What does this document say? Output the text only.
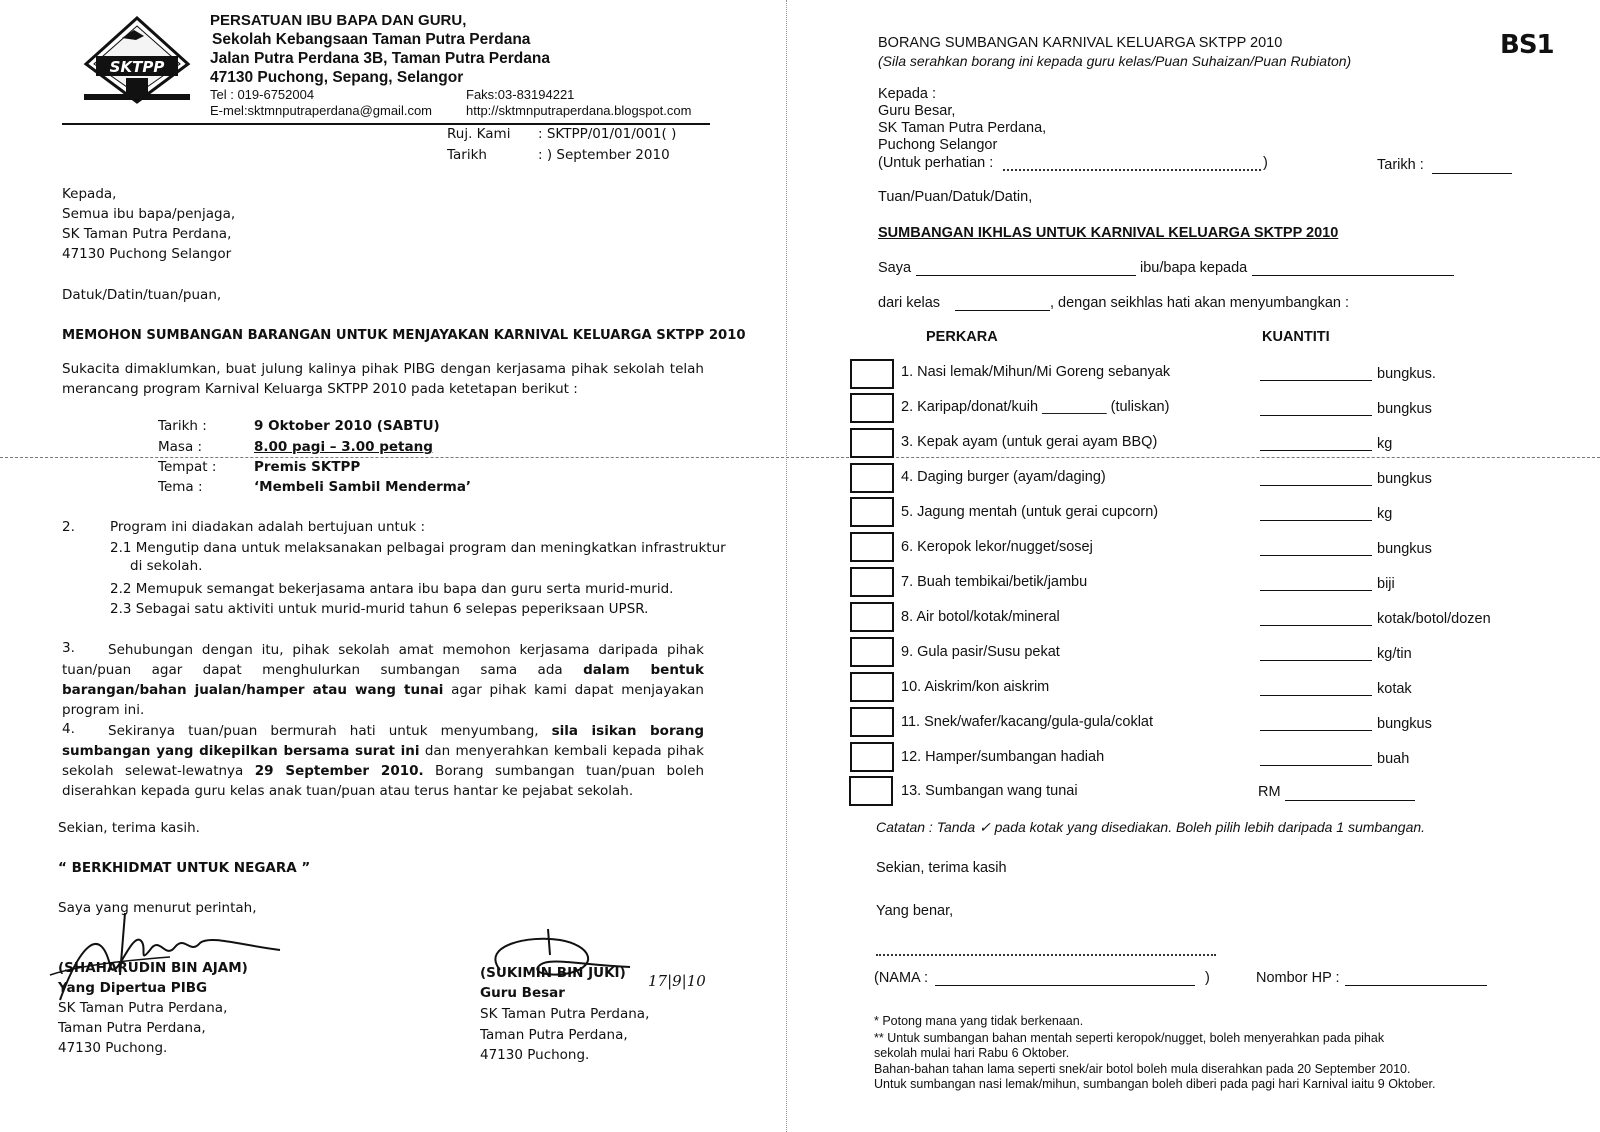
SKTPP
PERSATUAN IBU BAPA DAN GURU,
Sekolah Kebangsaan Taman Putra Perdana
Jalan Putra Perdana 3B, Taman Putra Perdana
47130 Puchong, Sepang, Selangor
Tel : 019-6752004	Faks:03-83194221
E-mel:sktmnputraperdana@gmail.com	http://sktmnputraperdana.blogspot.com
Ruj. Kami : SKTPP/01/01/001( )
Tarikh	: ) September 2010
Kepada,
Semua ibu bapa/penjaga,
SK Taman Putra Perdana,
47130 Puchong Selangor
Datuk/Datin/tuan/puan,
MEMOHON SUMBANGAN BARANGAN UNTUK MENJAYAKAN KARNIVAL KELUARGA SKTPP 2010
Sukacita dimaklumkan, buat julung kalinya pihak PIBG dengan kerjasama pihak sekolah telah merancang program Karnival Keluarga SKTPP 2010 pada ketetapan berikut :
Tarikh :	9 Oktober 2010 (SABTU)
Masa :	8.00 pagi – 3.00 petang
Tempat :	Premis SKTPP
Tema :	‘Membeli Sambil Menderma’
2.	Program ini diadakan adalah bertujuan untuk :
2.1 Mengutip dana untuk melaksanakan pelbagai program dan meningkatkan infrastruktur
di sekolah.
2.2 Memupuk semangat bekerjasama antara ibu bapa dan guru serta murid-murid.
2.3 Sebagai satu aktiviti untuk murid-murid tahun 6 selepas peperiksaan UPSR.
3.	Sehubungan dengan itu, pihak sekolah amat memohon kerjasama daripada pihak tuan/puan agar dapat menghulurkan sumbangan sama ada dalam bentuk barangan/bahan jualan/hamper atau wang tunai agar pihak kami dapat menjayakan program ini.
4.	Sekiranya tuan/puan bermurah hati untuk menyumbang, sila isikan borang sumbangan yang dikepilkan bersama surat ini dan menyerahkan kembali kepada pihak sekolah selewat-lewatnya 29 September 2010. Borang sumbangan tuan/puan boleh diserahkan kepada guru kelas anak tuan/puan atau terus hantar ke pejabat sekolah.
Sekian, terima kasih.
“ BERKHIDMAT UNTUK NEGARA ”
Saya yang menurut perintah,
(SHAHARUDIN BIN AJAM)
Yang Dipertua PIBG
SK Taman Putra Perdana,
Taman Putra Perdana,
47130 Puchong.
(SUKIMIN BIN JUKI)
Guru Besar
17|9|10
SK Taman Putra Perdana,
Taman Putra Perdana,
47130 Puchong.
BS1
BORANG SUMBANGAN KARNIVAL KELUARGA SKTPP 2010
(Sila serahkan borang ini kepada guru kelas/Puan Suhaizan/Puan Rubiaton)
Kepada :
Guru Besar,
SK Taman Putra Perdana,
Puchong Selangor
(Untuk perhatian :	)	Tarikh :
Tuan/Puan/Datuk/Datin,
SUMBANGAN IKHLAS UNTUK KARNIVAL KELUARGA SKTPP 2010
Saya	ibu/bapa kepada
dari kelas	, dengan seikhlas hati akan menyumbangkan :
PERKARA	KUANTITI
1. Nasi lemak/Mihun/Mi Goreng sebanyak	bungkus.
2. Karipap/donat/kuih ________ (tuliskan)	bungkus
3. Kepak ayam (untuk gerai ayam BBQ)	kg
4. Daging burger (ayam/daging)	bungkus
5. Jagung mentah (untuk gerai cupcorn)	kg
6. Keropok lekor/nugget/sosej	bungkus
7. Buah tembikai/betik/jambu	biji
8. Air botol/kotak/mineral	kotak/botol/dozen
9. Gula pasir/Susu pekat	kg/tin
10. Aiskrim/kon aiskrim	kotak
11. Snek/wafer/kacang/gula-gula/coklat	bungkus
12. Hamper/sumbangan hadiah	buah
13. Sumbangan wang tunai	RM
Catatan : Tanda ✓ pada kotak yang disediakan. Boleh pilih lebih daripada 1 sumbangan.
Sekian, terima kasih
Yang benar,
(NAMA :	)	Nombor HP :
* Potong mana yang tidak berkenaan.
** Untuk sumbangan bahan mentah seperti keropok/nugget, boleh menyerahkan pada pihak
sekolah mulai hari Rabu 6 Oktober.
Bahan-bahan tahan lama seperti snek/air botol boleh mula diserahkan pada 20 September 2010.
Untuk sumbangan nasi lemak/mihun, sumbangan boleh diberi pada pagi hari Karnival iaitu 9 Oktober.
